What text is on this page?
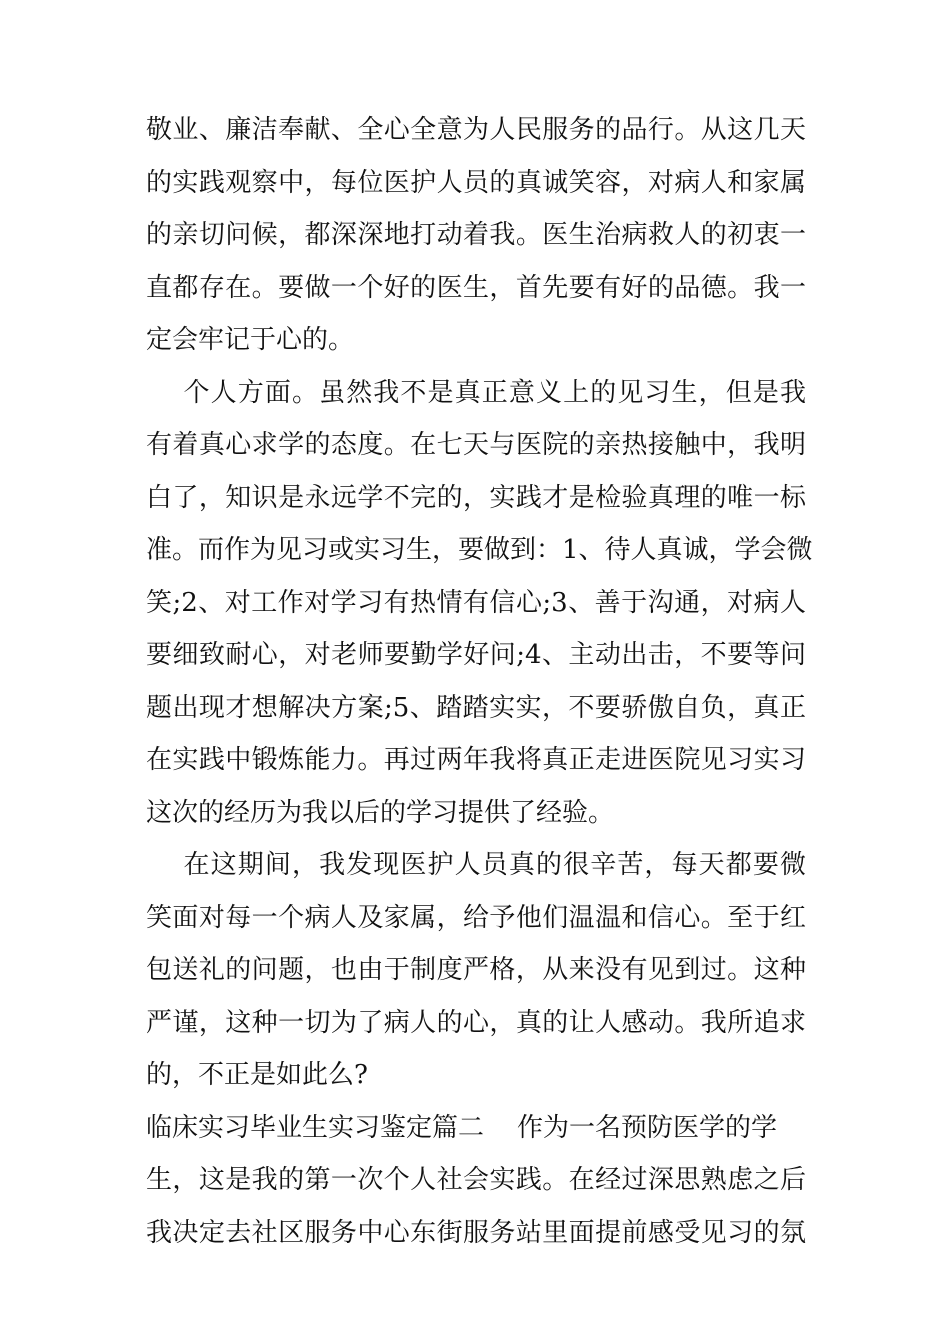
敬业、廉洁奉献、全心全意为人民服务的品行。从这几天
的实践观察中，每位医护人员的真诚笑容，对病人和家属
的亲切问候，都深深地打动着我。医生治病救人的初衷一
直都存在。要做一个好的医生，首先要有好的品德。我一
定会牢记于心的。
个人方面。虽然我不是真正意义上的见习生，但是我
有着真心求学的态度。在七天与医院的亲热接触中，我明
白了，知识是永远学不完的，实践才是检验真理的唯一标
准。而作为见习或实习生，要做到：1、待人真诚，学会微
笑;2、对工作对学习有热情有信心;3、善于沟通，对病人
要细致耐心，对老师要勤学好问;4、主动出击，不要等问
题出现才想解决方案;5、踏踏实实，不要骄傲自负，真正
在实践中锻炼能力。再过两年我将真正走进医院见习实习
这次的经历为我以后的学习提供了经验。
在这期间，我发现医护人员真的很辛苦，每天都要微
笑面对每一个病人及家属，给予他们温温和信心。至于红
包送礼的问题，也由于制度严格，从来没有见到过。这种
严谨，这种一切为了病人的心，真的让人感动。我所追求
的，不正是如此么?
临床实习毕业生实习鉴定篇二    作为一名预防医学的学
生，这是我的第一次个人社会实践。在经过深思熟虑之后
我决定去社区服务中心东街服务站里面提前感受见习的氛
